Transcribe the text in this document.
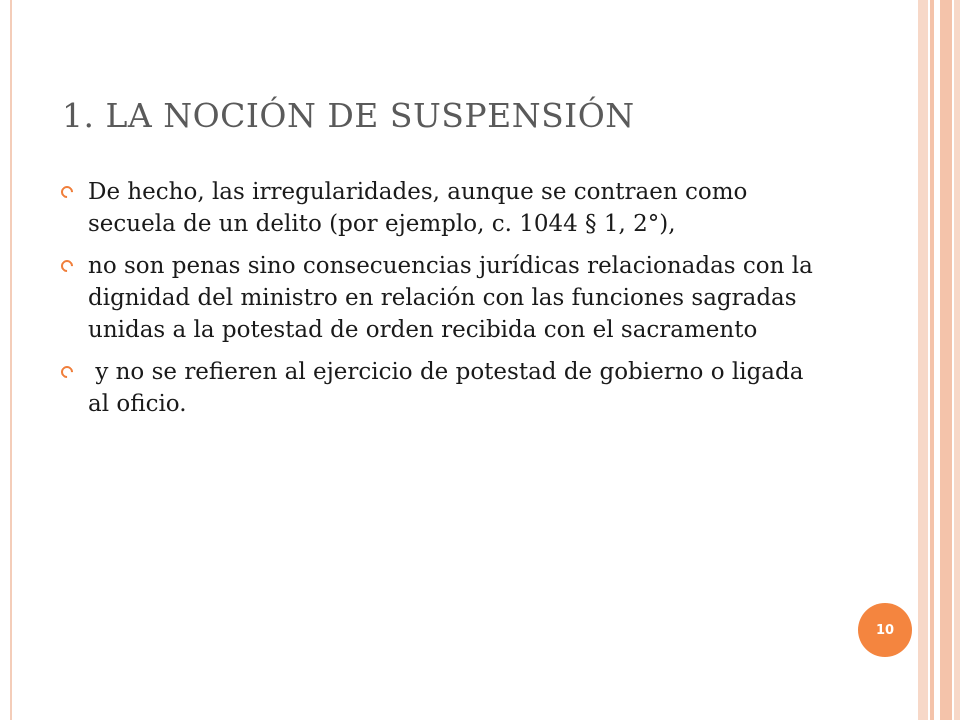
1. LA NOCIÓN DE SUSPENSIÓN
De hecho, las irregularidades, aunque se contraen como secuela de un delito (por ejemplo, c. 1044 § 1, 2°),
no son penas sino consecuencias jurídicas relacionadas con la dignidad del ministro en relación con las funciones sagradas unidas a la potestad de orden recibida con el sacramento
y no se refieren al ejercicio de potestad de gobierno o ligada al oficio.
10
